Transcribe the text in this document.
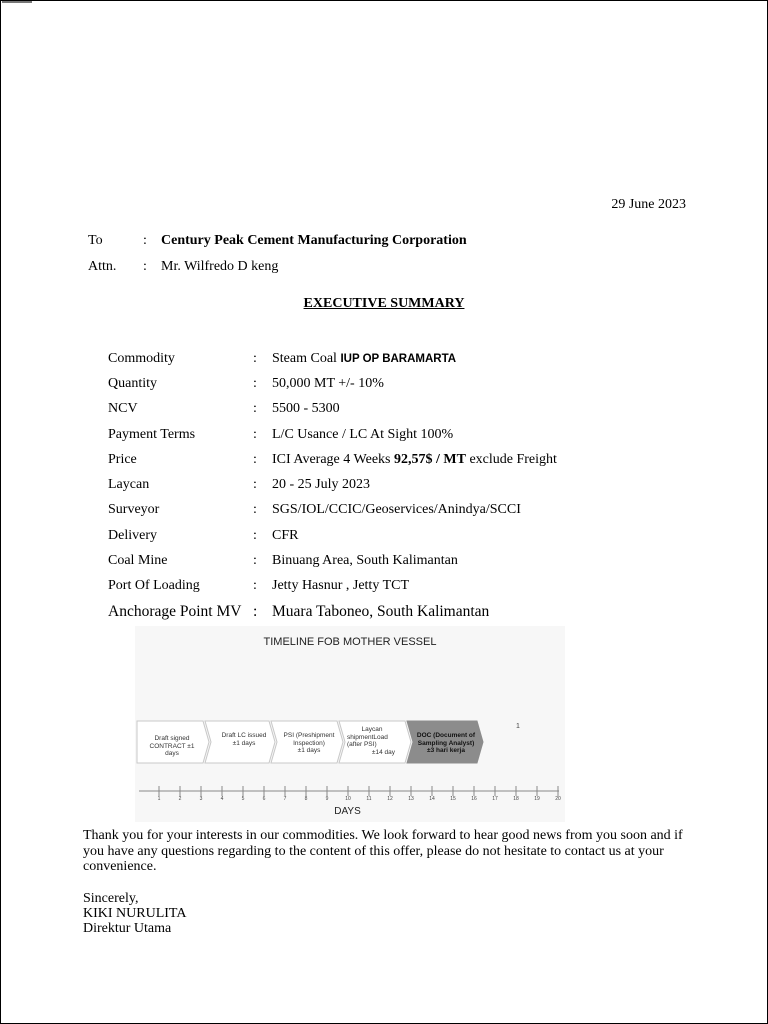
29 June 2023
To	:	Century Peak Cement Manufacturing Corporation
Attn.	:	Mr. Wilfredo D keng
EXECUTIVE SUMMARY
Commodity	:	Steam Coal IUP OP BARAMARTA
Quantity	:	50,000 MT +/- 10%
NCV	:	5500 - 5300
Payment Terms	:	L/C Usance / LC At Sight 100%
Price	:	ICI Average 4 Weeks 92,57$ / MT exclude Freight
Laycan	:	20 - 25 July 2023
Surveyor	:	SGS/IOL/CCIC/Geoservices/Anindya/SCCI
Delivery	:	CFR
Coal Mine	:	Binuang Area, South Kalimantan
Port Of Loading	:	Jetty Hasnur , Jetty TCT
Anchorage Point MV : Muara Taboneo, South Kalimantan
TIMELINE FOB MOTHER VESSEL
Draft signed
CONTRACT ±1
days
Draft LC issued
±1 days
PSI (Preshipment
Inspection)
±1 days
Laycan
shipmentLoad
(after PSI)
±14 day
DOC (Document of
Sampling Analyst)
±3 hari kerja
1
1	2	3	4	5	6	7	8	9	10	11	12	13	14	15	16	17	18	19	20
DAYS
Thank you for your interests in our commodities. We look forward to hear good news from you soon and if you have any questions regarding to the content of this offer, please do not hesitate to contact us at your convenience.
Sincerely,
KIKI NURULITA
Direktur Utama
